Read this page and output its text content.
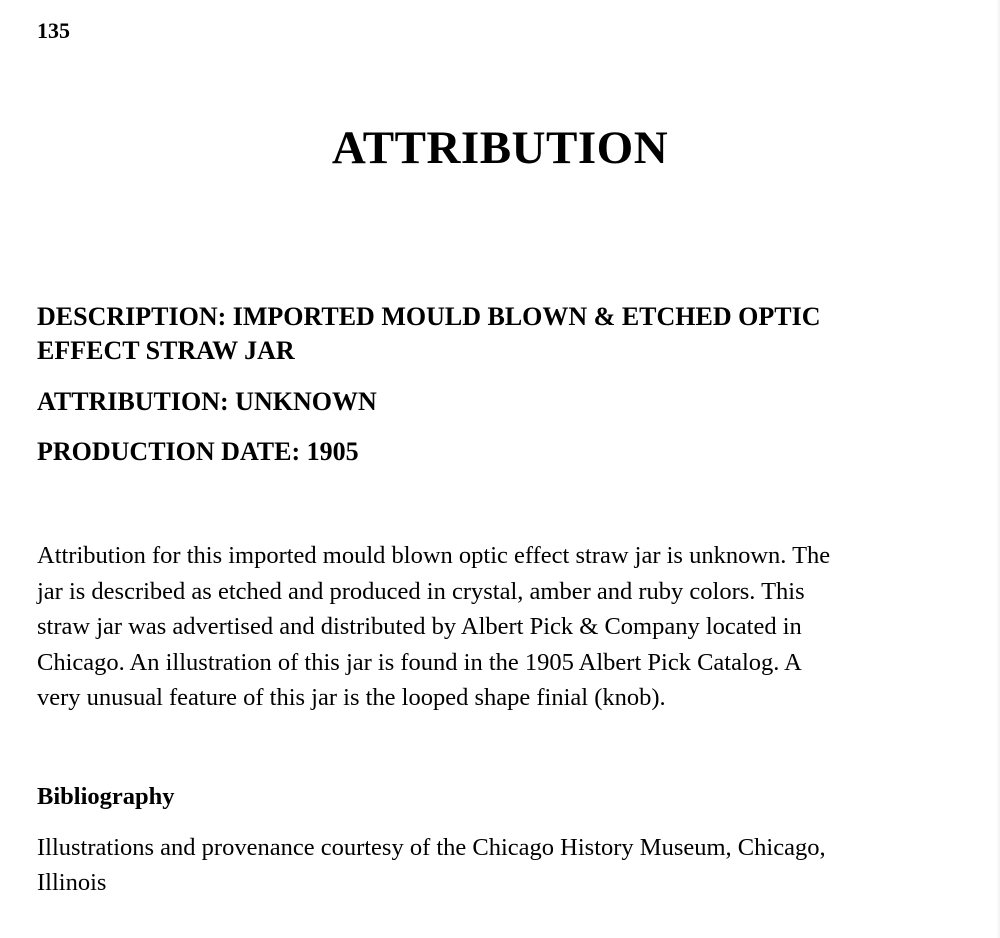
135

ATTRIBUTION
DESCRIPTION: IMPORTED MOULD BLOWN & ETCHED OPTIC
EFFECT STRAW JAR

ATTRIBUTION: UNKNOWN

PRODUCTION DATE: 1905

Attribution for this imported mould blown optic effect straw jar is unknown. The
jar is described as etched and produced in crystal, amber and ruby colors. This
straw jar was advertised and distributed by Albert Pick & Company located in
Chicago. An illustration of this jar is found in the 1905 Albert Pick Catalog. A
very unusual feature of this jar is the looped shape finial (knob).
Bibliography
Illustrations and provenance courtesy of the Chicago History Museum, Chicago,
Illinois
